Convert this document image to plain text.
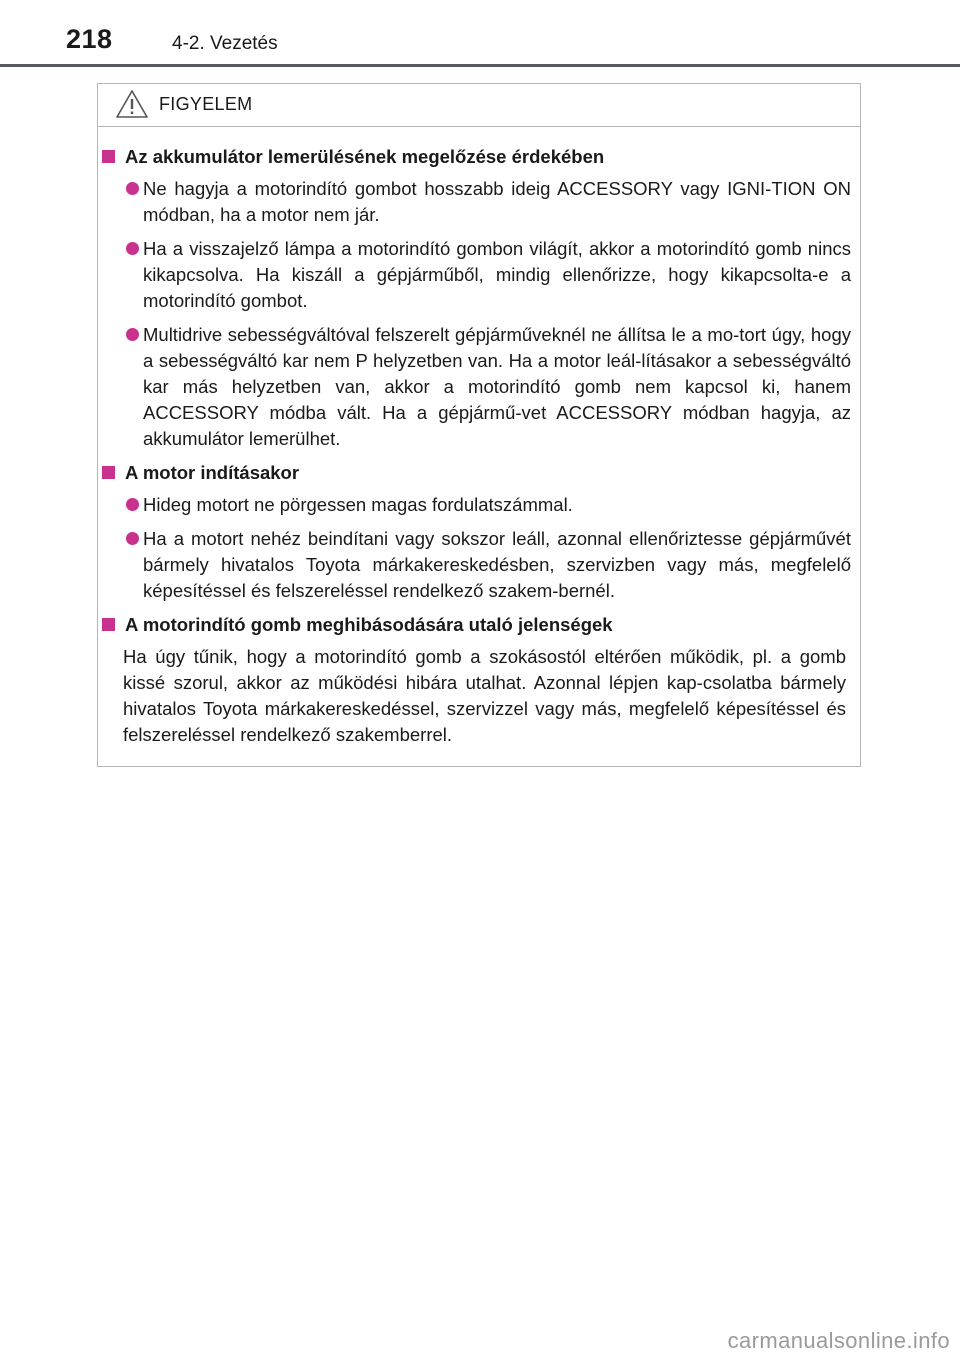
218	4-2. Vezetés
FIGYELEM
Az akkumulátor lemerülésének megelőzése érdekében
Ne hagyja a motorindító gombot hosszabb ideig ACCESSORY vagy IGNI-TION ON módban, ha a motor nem jár.
Ha a visszajelző lámpa a motorindító gombon világít, akkor a motorindító gomb nincs kikapcsolva. Ha kiszáll a gépjárműből, mindig ellenőrizze, hogy kikapcsolta-e a motorindító gombot.
Multidrive sebességváltóval felszerelt gépjárműveknél ne állítsa le a mo-tort úgy, hogy a sebességváltó kar nem P helyzetben van. Ha a motor leál-lításakor a sebességváltó kar más helyzetben van, akkor a motorindító gomb nem kapcsol ki, hanem ACCESSORY módba vált. Ha a gépjármű-vet ACCESSORY módban hagyja, az akkumulátor lemerülhet.
A motor indításakor
Hideg motort ne pörgessen magas fordulatszámmal.
Ha a motort nehéz beindítani vagy sokszor leáll, azonnal ellenőriztesse gépjárművét bármely hivatalos Toyota márkakereskedésben, szervizben vagy más, megfelelő képesítéssel és felszereléssel rendelkező szakem-bernél.
A motorindító gomb meghibásodására utaló jelenségek
Ha úgy tűnik, hogy a motorindító gomb a szokásostól eltérően működik, pl. a gomb kissé szorul, akkor az működési hibára utalhat. Azonnal lépjen kap-csolatba bármely hivatalos Toyota márkakereskedéssel, szervizzel vagy más, megfelelő képesítéssel és felszereléssel rendelkező szakemberrel.
carmanualsonline.info
